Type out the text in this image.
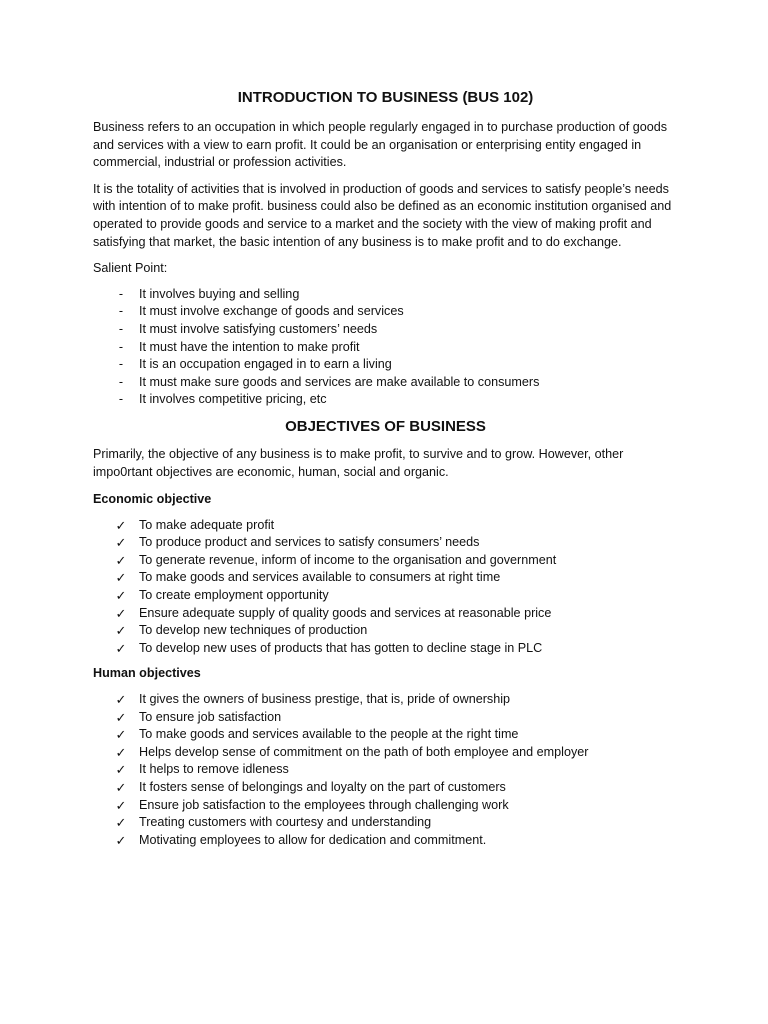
INTRODUCTION TO BUSINESS (BUS 102)

Business refers to an occupation in which people regularly engaged in to purchase production of goods and services with a view to earn profit. It could be an organisation or enterprising entity engaged in commercial, industrial or profession activities.

It is the totality of activities that is involved in production of goods and services to satisfy people’s needs with intention of to make profit. business could also be defined as an economic institution organised and operated to provide goods and service to a market and the society with the view of making profit and satisfying that market, the basic intention of any business is to make profit and to do exchange.

Salient Point:

-	It involves buying and selling
-	It must involve exchange of goods and services
-	It must involve satisfying customers’ needs
-	It must have the intention to make profit
-	It is an occupation engaged in to earn a living
-	It must make sure goods and services are make available to consumers
-	It involves competitive pricing, etc
OBJECTIVES OF BUSINESS

Primarily, the objective of any business is to make profit, to survive and to grow. However, other impo0rtant objectives are economic, human, social and organic.

Economic objective
✓ To make adequate profit
✓ To produce product and services to satisfy consumers’ needs
✓ To generate revenue, inform of income to the organisation and government
✓ To make goods and services available to consumers at right time
✓ To create employment opportunity
✓ Ensure adequate supply of quality goods and services at reasonable price
✓ To develop new techniques of production
✓ To develop new uses of products that has gotten to decline stage in PLC
Human objectives
✓ It gives the owners of business prestige, that is, pride of ownership
✓ To ensure job satisfaction
✓ To make goods and services available to the people at the right time
✓ Helps develop sense of commitment on the path of both employee and employer
✓ It helps to remove idleness
✓ It fosters sense of belongings and loyalty on the part of customers
✓ Ensure job satisfaction to the employees through challenging work
✓ Treating customers with courtesy and understanding
✓ Motivating employees to allow for dedication and commitment.
